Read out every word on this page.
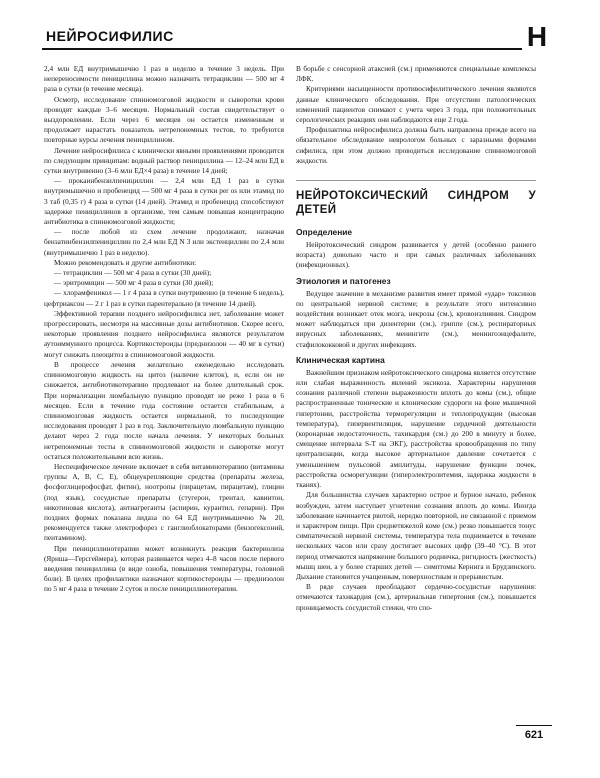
НЕЙРОСИФИЛИС	Н

2,4 млн ЕД внутримышечно 1 раз в неделю в течение 3 недель. При непереносимости пенициллина можно назначить тетрациклин — 500 мг 4 раза в сутки (в течение месяца).

Осмотр, исследование спинномозговой жидкости и сыворотки крови проводят каждые 3–6 месяцев. Нормальный состав свидетельствует о выздоровлении. Если через 6 месяцев он остается измененным и продолжает нарастать показатель нетрепонемных тестов, то требуются повторные курсы лечения пенициллином.

Лечение нейросифилиса с клинически явными проявлениями проводится по следующим принципам: водный раствор пенициллина — 12–24 млн ЕД в сутки внутривенно (3–6 млн ЕД×4 раза) в течение 14 дней;

— прокаинбензилпенициллин — 2,4 млн ЕД 1 раз в сутки внутримышечно и пробенецид — 500 мг 4 раза в сутки per os или этамид по 3 таб (0,35 г) 4 раза в сутки (14 дней). Этамид и пробенецид способствуют задержке пенициллинов в организме, тем самым повышая концентрацию антибиотика в спинномозговой жидкости;

— после любой из схем лечение продолжают, назначая бензатинбензилпенициллин по 2,4 млн ЕД N 3 или экстенциллин по 2,4 млн (внутримышечно 1 раз в неделю).

Можно рекомендовать и другие антибиотики:

— тетрациклин — 500 мг 4 раза в сутки (30 дней);

— эритромицин — 500 мг 4 раза в сутки (30 дней);

— хлорамфеникол — 1 г 4 раза в сутки внутривенно (в течение 6 недель), цефтриаксон — 2 г 1 раз в сутки парентерально (в течение 14 дней).

Эффективной терапии позднего нейросифилиса нет, заболевание может прогрессировать, несмотря на массивные дозы антибиотиков. Скорее всего, некоторые проявления позднего нейросифилиса являются результатом аутоиммунного процесса. Кортикостероиды (преднизолон — 40 мг в сутки) могут снижать плеоцитоз в спинномозговой жидкости.

В процессе лечения желательно еженедельно исследовать спинномозговую жидкость на цитоз (наличие клеток), и, если он не снижается, антибиотикотерапию продлевают на более длительный срок. При нормализации люмбальную пункцию проводят не реже 1 раза в 6 месяцев. Если в течение года состояние остается стабильным, а спинномозговая жидкость остается нормальной, то последующие исследования проводят 1 раз в год. Заключительную люмбальную пункцию делают через 2 года после начала лечения. У некоторых больных нетрепонемные тесты в спинномозговой жидкости и сыворотке могут остаться положительными всю жизнь.

Неспецифическое лечение включает в себя витаминотерапию (витамины группы А, В, С, Е), общеукрепляющие средства (препараты железа, фосфоглицерофосфат, фитин), ноотропы (пирацетам, пирацетам), глицин (под язык), сосудистые препараты (стугерон, трентал, кавинтон, никотиновая кислота), антиагреганты (аспирин, курантил, гепарин). При поздних формах показана лидаза по 64 ЕД внутримышечно № 20, рекомендуется также электрофорез с ганглиоблокаторами (бензогексоний, пентамином).

При пенициллинотерапии может возникнуть реакция бактериолиза (Яриша—Герсгеймера), которая развивается через 4–8 часов после первого введения пенициллина (в виде озноба, повышения температуры, головной боли). В целях профилактики назначают кортикостероиды — преднизолон по 5 мг 4 раза в течение 2 суток и после пенициллинотерапии.

В борьбе с сенсорной атаксией (см.) применяются специальные комплексы ЛФК.

Критериями насыщенности противосифилитического лечения являются данные клинического обследования. При отсутствии патологических изменений пациентов снимают с учета через 3 года, при положительных серологических реакциях они наблюдаются еще 2 года.

Профилактика нейросифилиса должна быть направлена прежде всего на обязательное обследование неврологом больных с заразными формами сифилиса, при этом должно проводиться исследование спинномозговой жидкости.

НЕЙРОТОКСИЧЕСКИЙ СИНДРОМ У ДЕТЕЙ
Определение

Нейротоксический синдром развивается у детей (особенно раннего возраста) довольно часто и при самых различных заболеваниях (инфекционных).

Этиология и патогенез

Ведущее значение в механизме развития имеет прямой «удар» токсинов по центральной нервной системе; в результате этого интенсивно воздействия возникает отек мозга, некрозы (см.), кровоизлияния. Синдром может наблюдаться при дизентерии (см.), гриппе (см.), респираторных вирусных заболеваниях, менингите (см.), менингоэнцефалите, стафилококковой и других инфекциях.

Клиническая картина

Важнейшим признаком нейротоксического синдрома является отсутствие или слабая выраженность явлений эксикоза. Характерны нарушения сознания различной степени выраженности вплоть до комы (см.), общие распространенные тонические и клонические судороги на фоне мышечной гипертонии, расстройства терморегуляции и теплопродукции (высокая температура), гипервентиляция, нарушение сердечной деятельности (коронарная недостаточность, тахикардия (см.) до 200 в минуту и более, смещение интервала S-T на ЭКГ), расстройства кровообращения по типу централизации, когда высокое артериальное давление сочетается с уменьшением пульсовой амплитуды, нарушение функции почек, расстройства осморегуляции (гиперэлектролитемия, задержка жидкости в тканях).

Для большинства случаев характерно острое и бурное начало, ребенок возбужден, затем наступает угнетение сознания вплоть до комы. Иногда заболевание начинается рвотой, нередко повторной, не связанной с приемом и характером пищи. При среднетяжелой коме (см.) резко повышается тонус симпатической нервной системы, температура тела поднимается в течение нескольких часов или сразу достигает высоких цифр (39–40 °С). В этот период отмечаются напряжение большого родничка, ригидность (жесткость) мышц шеи, а у более старших детей — симптомы Кернига и Брудзинского. Дыхание становится учащенным, поверхностным и прерывистым.

В ряде случаев преобладают сердечно-сосудистые нарушения: отмечаются тахикардия (см.), артериальная гипертония (см.), повышается проницаемость сосудистой стенки, что спо-

621
